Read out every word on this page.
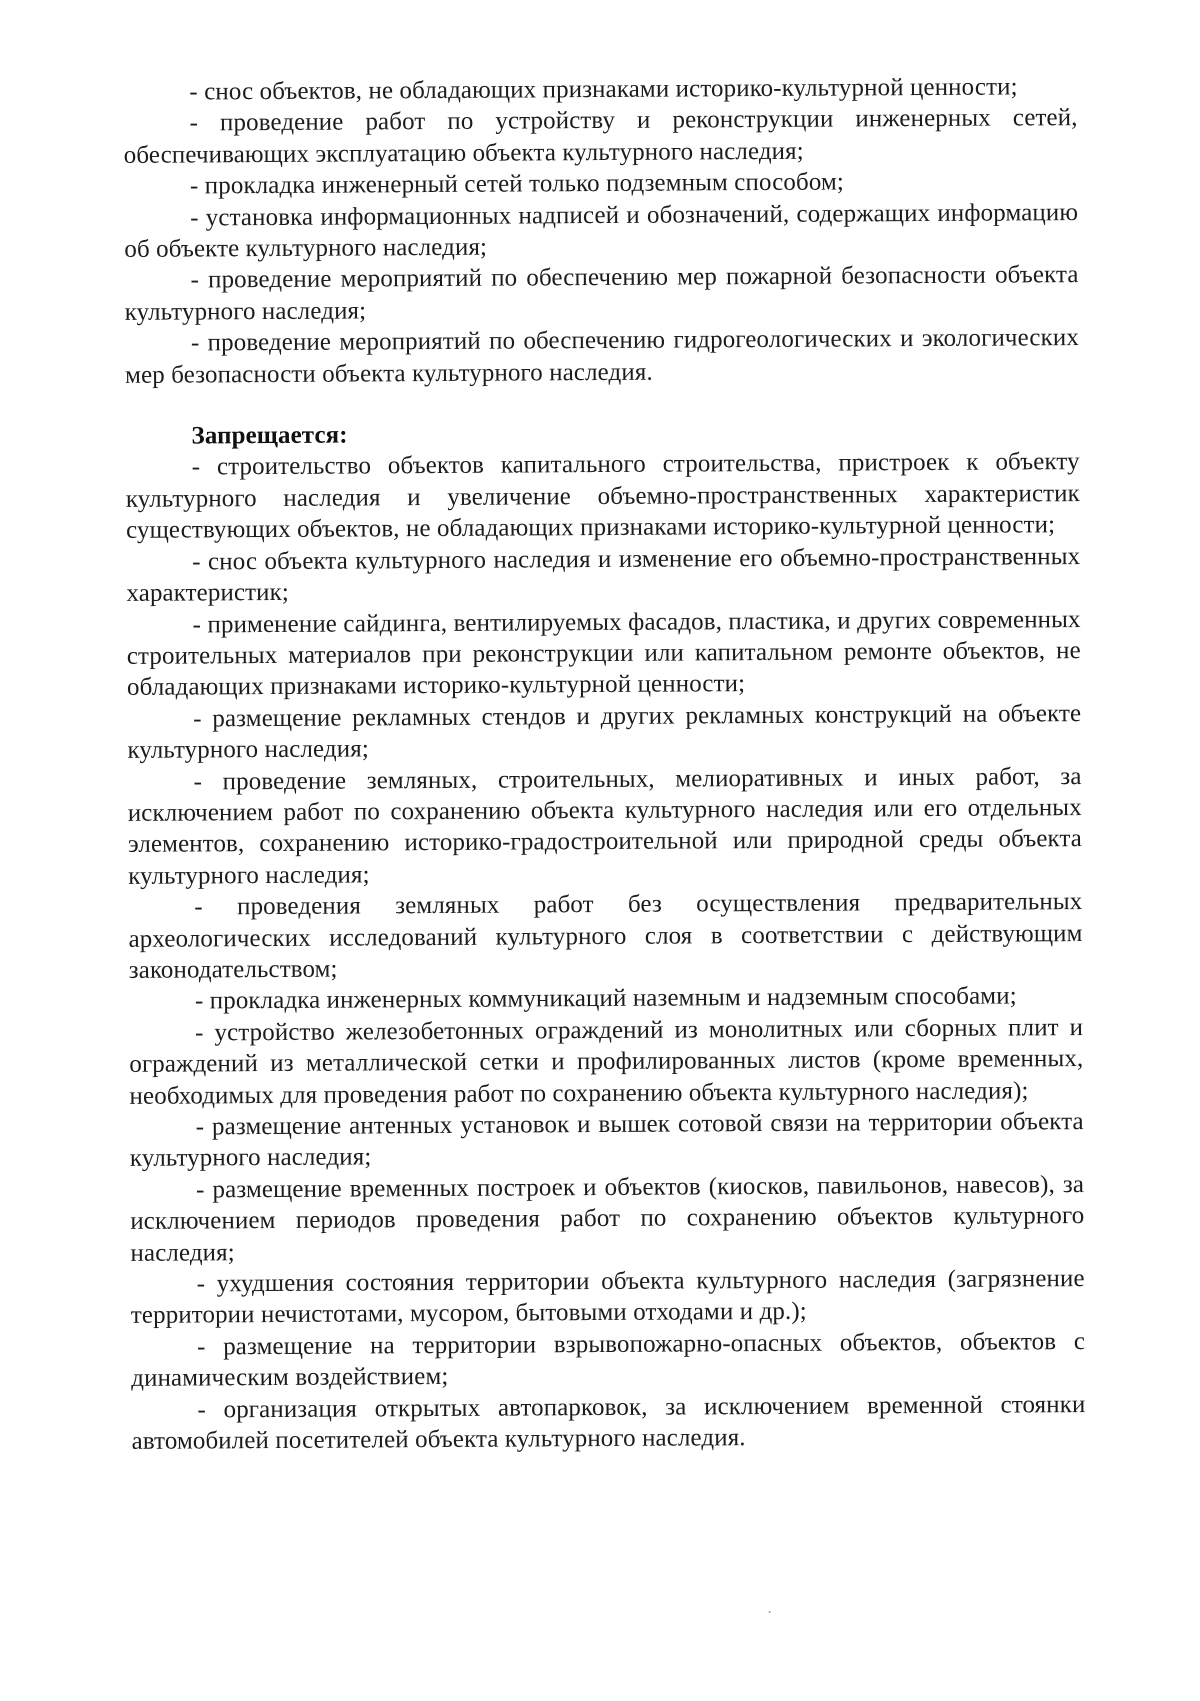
- снос объектов, не обладающих признаками историко-культурной ценности;

- проведение работ по устройству и реконструкции инженерных сетей, обеспечивающих эксплуатацию объекта культурного наследия;

- прокладка инженерный сетей только подземным способом;

- установка информационных надписей и обозначений, содержащих информацию об объекте культурного наследия;

- проведение мероприятий по обеспечению мер пожарной безопасности объекта культурного наследия;

- проведение мероприятий по обеспечению гидрогеологических и экологических мер безопасности объекта культурного наследия.

Запрещается:

- строительство объектов капитального строительства, пристроек к объекту культурного наследия и увеличение объемно-пространственных характеристик существующих объектов, не обладающих признаками историко-культурной ценности;

- снос объекта культурного наследия и изменение его объемно-пространственных характеристик;

- применение сайдинга, вентилируемых фасадов, пластика, и других современных строительных материалов при реконструкции или капитальном ремонте объектов, не обладающих признаками историко-культурной ценности;

- размещение рекламных стендов и других рекламных конструкций на объекте культурного наследия;

- проведение земляных, строительных, мелиоративных и иных работ, за исключением работ по сохранению объекта культурного наследия или его отдельных элементов, сохранению историко-градостроительной или природной среды объекта культурного наследия;

- проведения земляных работ без осуществления предварительных археологических исследований культурного слоя в соответствии с действующим законодательством;

- прокладка инженерных коммуникаций наземным и надземным способами;

- устройство железобетонных ограждений из монолитных или сборных плит и ограждений из металлической сетки и профилированных листов (кроме временных, необходимых для проведения работ по сохранению объекта культурного наследия);

- размещение антенных установок и вышек сотовой связи на территории объекта культурного наследия;

- размещение временных построек и объектов (киосков, павильонов, навесов), за исключением периодов проведения работ по сохранению объектов культурного наследия;

- ухудшения состояния территории объекта культурного наследия (загрязнение территории нечистотами, мусором, бытовыми отходами и др.);

- размещение на территории взрывопожарно-опасных объектов, объектов с динамическим воздействием;

- организация открытых автопарковок, за исключением временной стоянки автомобилей посетителей объекта культурного наследия.
